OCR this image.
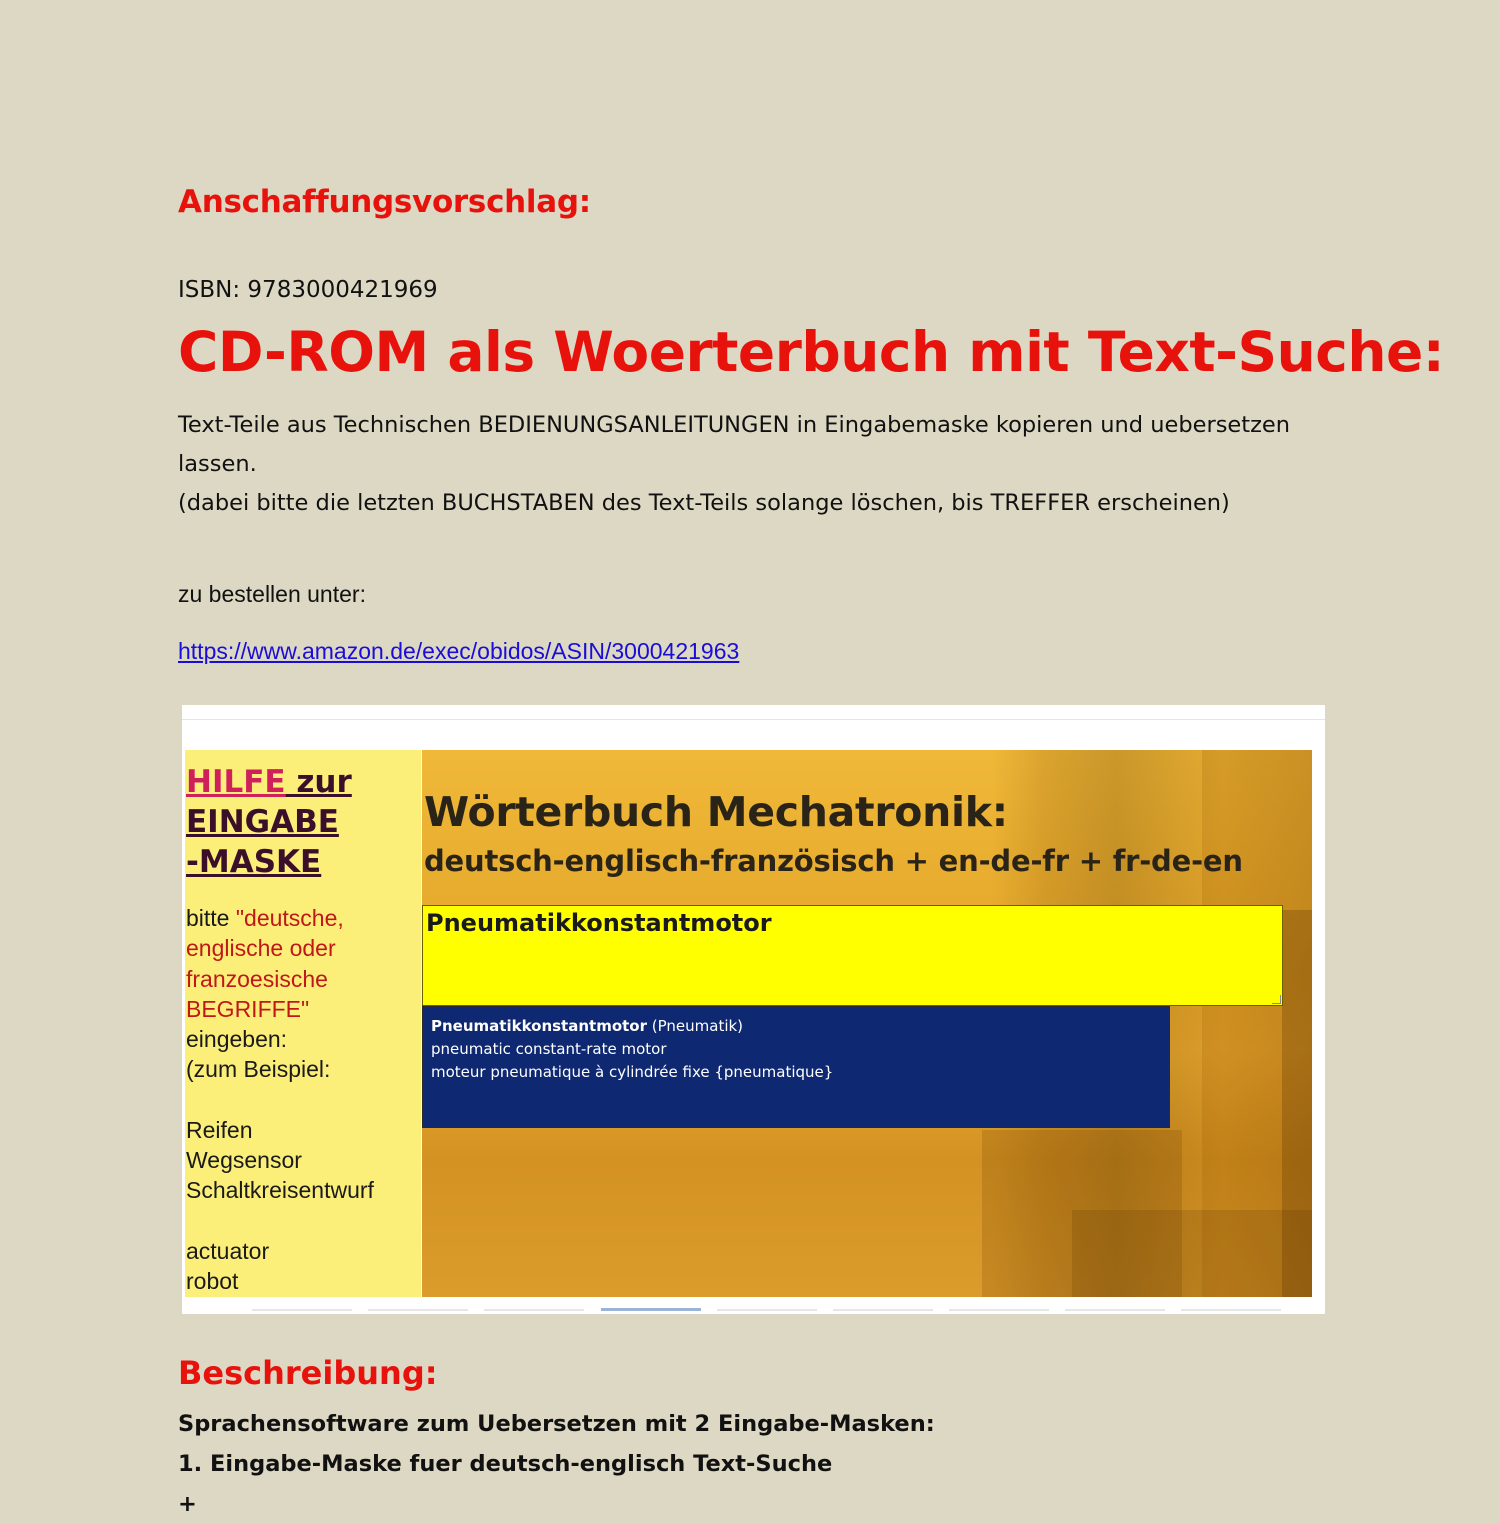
Anschaffungsvorschlag:
ISBN: 9783000421969
CD-ROM als Woerterbuch mit Text-Suche:
Text-Teile aus Technischen BEDIENUNGSANLEITUNGEN in Eingabemaske kopieren und uebersetzen
lassen.
(dabei bitte die letzten BUCHSTABEN des Text-Teils solange löschen, bis TREFFER erscheinen)
zu bestellen unter:
https://www.amazon.de/exec/obidos/ASIN/3000421963
HILFE zur
EINGABE
-MASKE
bitte "deutsche,
englische oder
franzoesische
BEGRIFFE"
eingeben:
(zum Beispiel:
Reifen
Wegsensor
Schaltkreisentwurf
actuator
robot
Wörterbuch Mechatronik:
deutsch-englisch-französisch + en-de-fr + fr-de-en
Pneumatikkonstantmotor
Pneumatikkonstantmotor (Pneumatik)
pneumatic constant-rate motor
moteur pneumatique à cylindrée fixe {pneumatique}
Beschreibung:
Sprachensoftware zum Uebersetzen mit 2 Eingabe-Masken:
1. Eingabe-Maske fuer deutsch-englisch Text-Suche
+
